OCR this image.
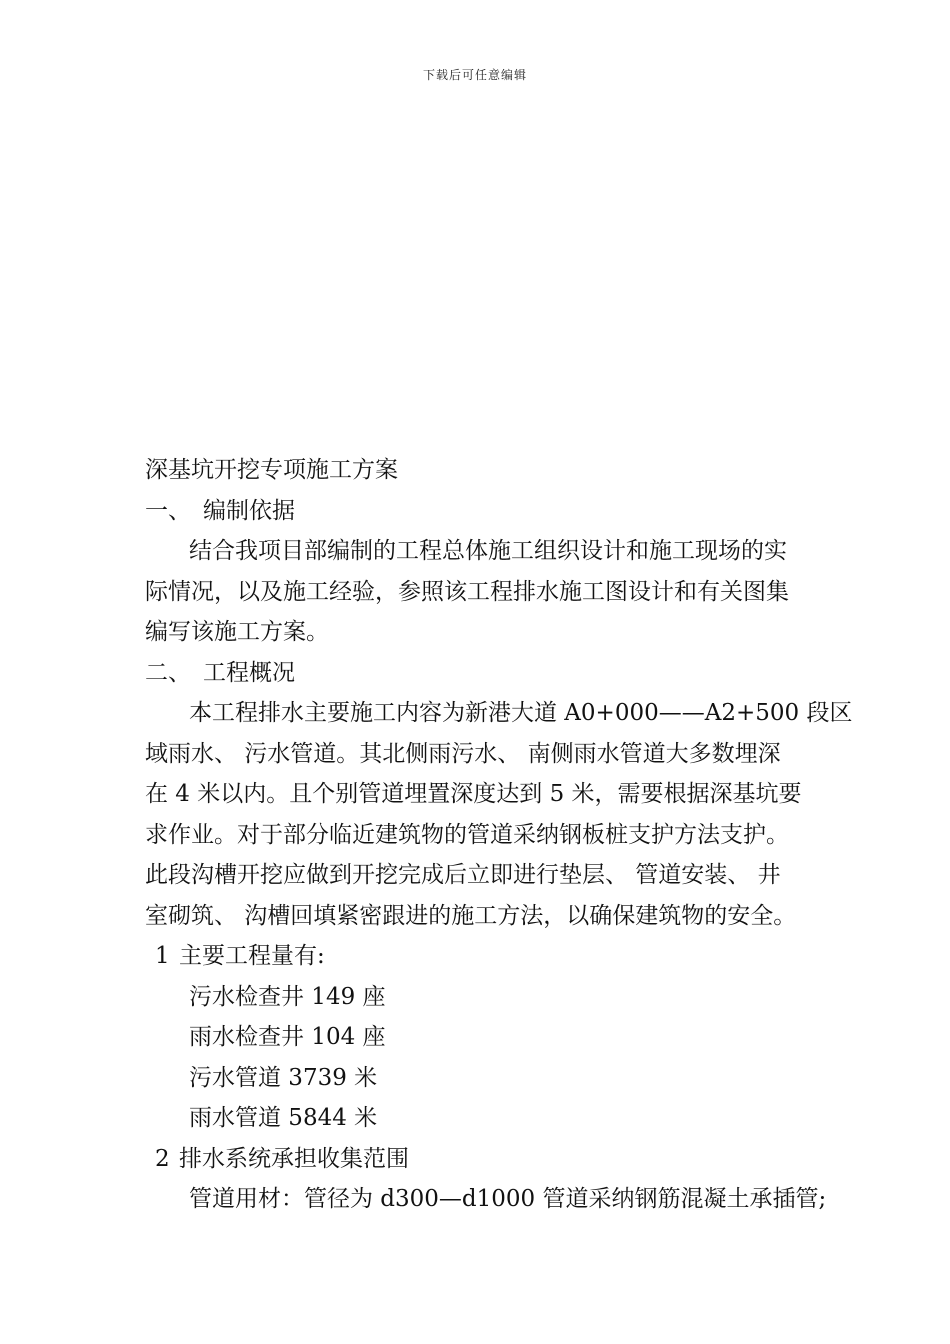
下载后可任意编辑
深基坑开挖专项施工方案
一、 编制依据
结合我项目部编制的工程总体施工组织设计和施工现场的实
际情况，以及施工经验，参照该工程排水施工图设计和有关图集
编写该施工方案。
二、 工程概况
本工程排水主要施工内容为新港大道 A0+000——A2+500 段区
域雨水、 污水管道。其北侧雨污水、 南侧雨水管道大多数埋深
在 4 米以内。且个别管道埋置深度达到 5 米，需要根据深基坑要
求作业。对于部分临近建筑物的管道采纳钢板桩支护方法支护。
此段沟槽开挖应做到开挖完成后立即进行垫层、 管道安装、 井
室砌筑、 沟槽回填紧密跟进的施工方法，以确保建筑物的安全。
1 主要工程量有:
污水检查井 149 座
雨水检查井 104 座
污水管道 3739 米
雨水管道 5844 米
2 排水系统承担收集范围
管道用材：管径为 d300—d1000 管道采纳钢筋混凝土承插管;
